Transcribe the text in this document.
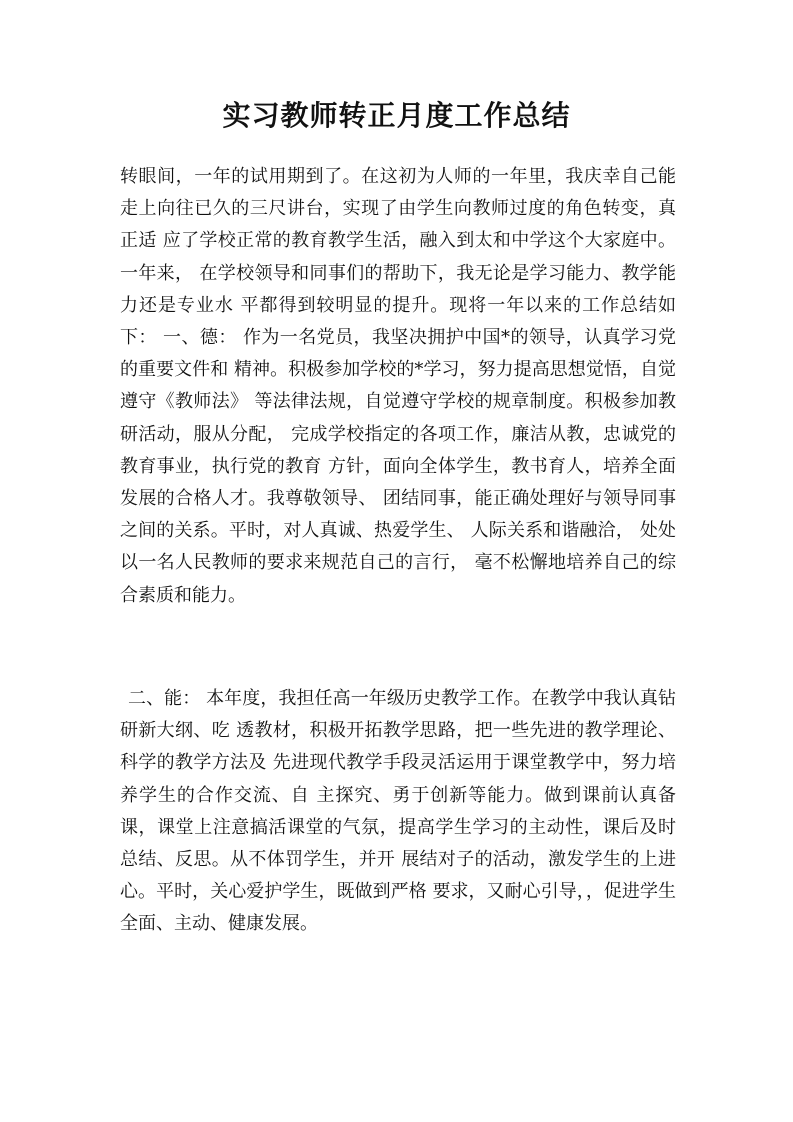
实习教师转正月度工作总结

转眼间，一年的试用期到了。在这初为人师的一年里，我庆幸自己能 走上向往已久的三尺讲台，实现了由学生向教师过度的角色转变，真正适 应了学校正常的教育教学生活，融入到太和中学这个大家庭中。一年来， 在学校领导和同事们的帮助下，我无论是学习能力、教学能力还是专业水 平都得到较明显的提升。现将一年以来的工作总结如下： 一、德： 作为一名党员，我坚决拥护中国*的领导，认真学习党的重要文件和 精神。积极参加学校的*学习，努力提高思想觉悟，自觉遵守《教师法》 等法律法规，自觉遵守学校的规章制度。积极参加教研活动，服从分配， 完成学校指定的各项工作，廉洁从教，忠诚党的教育事业，执行党的教育 方针，面向全体学生，教书育人，培养全面发展的合格人才。我尊敬领导、 团结同事，能正确处理好与领导同事之间的关系。平时，对人真诚、热爱学生、 人际关系和谐融洽， 处处以一名人民教师的要求来规范自己的言行， 毫不松懈地培养自己的综合素质和能力。

二、能： 本年度，我担任高一年级历史教学工作。在教学中我认真钻研新大纲、吃 透教材，积极开拓教学思路，把一些先进的教学理论、科学的教学方法及 先进现代教学手段灵活运用于课堂教学中，努力培养学生的合作交流、自 主探究、勇于创新等能力。做到课前认真备课，课堂上注意搞活课堂的气氛，提高学生学习的主动性，课后及时总结、反思。从不体罚学生，并开 展结对子的活动，激发学生的上进心。平时，关心爱护学生，既做到严格 要求，又耐心引导，，促进学生全面、主动、健康发展。
